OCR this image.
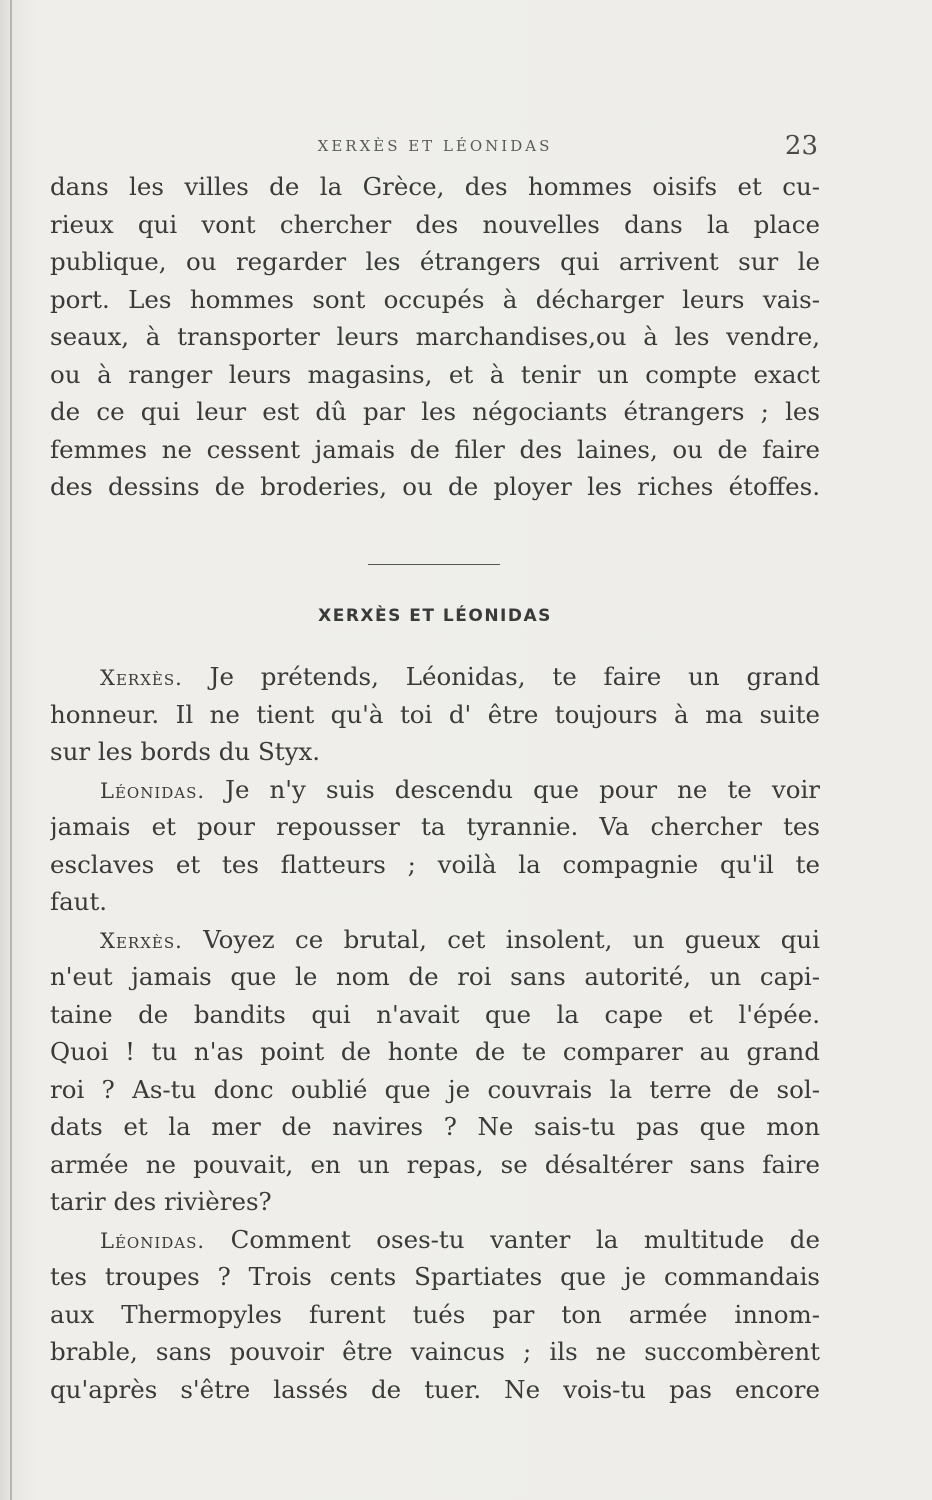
XERXÈS ET LÉONIDAS	23
dans les villes de la Grèce, des hommes oisifs et cu-
rieux qui vont chercher des nouvelles dans la place
publique, ou regarder les étrangers qui arrivent sur le
port. Les hommes sont occupés à décharger leurs vais-
seaux, à transporter leurs marchandises,ou à les vendre,
ou à ranger leurs magasins, et à tenir un compte exact
de ce qui leur est dû par les négociants étrangers ; les
femmes ne cessent jamais de filer des laines, ou de faire
des dessins de broderies, ou de ployer les riches étoffes.
XERXÈS ET LÉONIDAS
Xerxès. Je prétends, Léonidas, te faire un grand
honneur. Il ne tient qu'à toi d' être toujours à ma suite
sur les bords du Styx.
Léonidas. Je n'y suis descendu que pour ne te voir
jamais et pour repousser ta tyrannie. Va chercher tes
esclaves et tes flatteurs ; voilà la compagnie qu'il te
faut.
Xerxès. Voyez ce brutal, cet insolent, un gueux qui
n'eut jamais que le nom de roi sans autorité, un capi-
taine de bandits qui n'avait que la cape et l'épée.
Quoi ! tu n'as point de honte de te comparer au grand
roi ? As-tu donc oublié que je couvrais la terre de sol-
dats et la mer de navires ? Ne sais-tu pas que mon
armée ne pouvait, en un repas, se désaltérer sans faire
tarir des rivières?
Léonidas. Comment oses-tu vanter la multitude de
tes troupes ? Trois cents Spartiates que je commandais
aux Thermopyles furent tués par ton armée innom-
brable, sans pouvoir être vaincus ; ils ne succombèrent
qu'après s'être lassés de tuer. Ne vois-tu pas encore
